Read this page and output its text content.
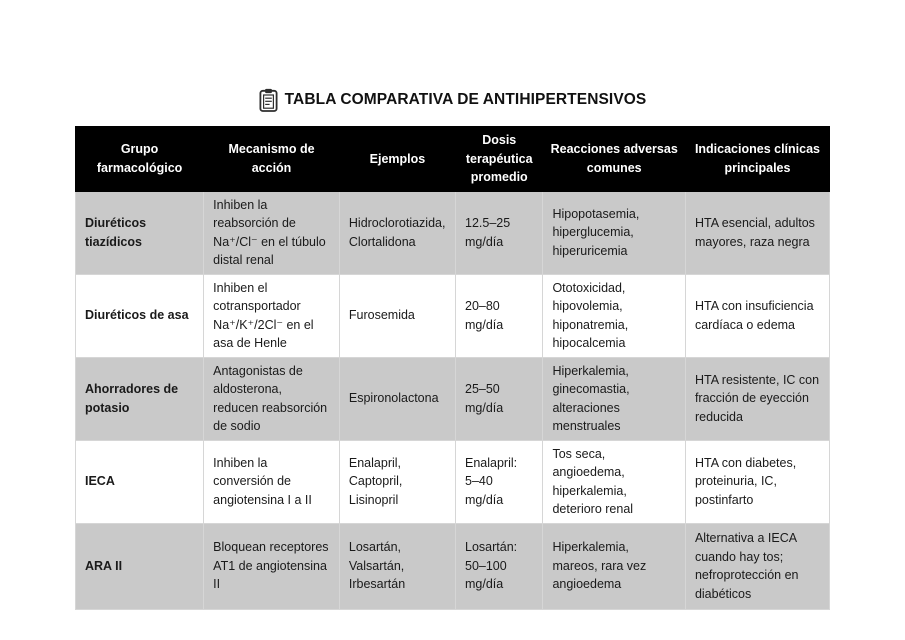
TABLA COMPARATIVA DE ANTIHIPERTENSIVOS
Grupo farmacológico	Mecanismo de acción	Ejemplos	Dosis terapéutica promedio	Reacciones adversas comunes	Indicaciones clínicas principales
Diuréticos tiazídicos	Inhiben la reabsorción de Na⁺/Cl⁻ en el túbulo distal renal	Hidroclorotiazida, Clortalidona	12.5–25 mg/día	Hipopotasemia, hiperglucemia, hiperuricemia	HTA esencial, adultos mayores, raza negra
Diuréticos de asa	Inhiben el cotransportador Na⁺/K⁺/2Cl⁻ en el asa de Henle	Furosemida	20–80 mg/día	Ototoxicidad, hipovolemia, hiponatremia, hipocalcemia	HTA con insuficiencia cardíaca o edema
Ahorradores de potasio	Antagonistas de aldosterona, reducen reabsorción de sodio	Espironolactona	25–50 mg/día	Hiperkalemia, ginecomastia, alteraciones menstruales	HTA resistente, IC con fracción de eyección reducida
IECA	Inhiben la conversión de angiotensina I a II	Enalapril, Captopril, Lisinopril	Enalapril: 5–40 mg/día	Tos seca, angioedema, hiperkalemia, deterioro renal	HTA con diabetes, proteinuria, IC, postinfarto
ARA II	Bloquean receptores AT1 de angiotensina II	Losartán, Valsartán, Irbesartán	Losartán: 50–100 mg/día	Hiperkalemia, mareos, rara vez angioedema	Alternativa a IECA cuando hay tos; nefroprotección en diabéticos
